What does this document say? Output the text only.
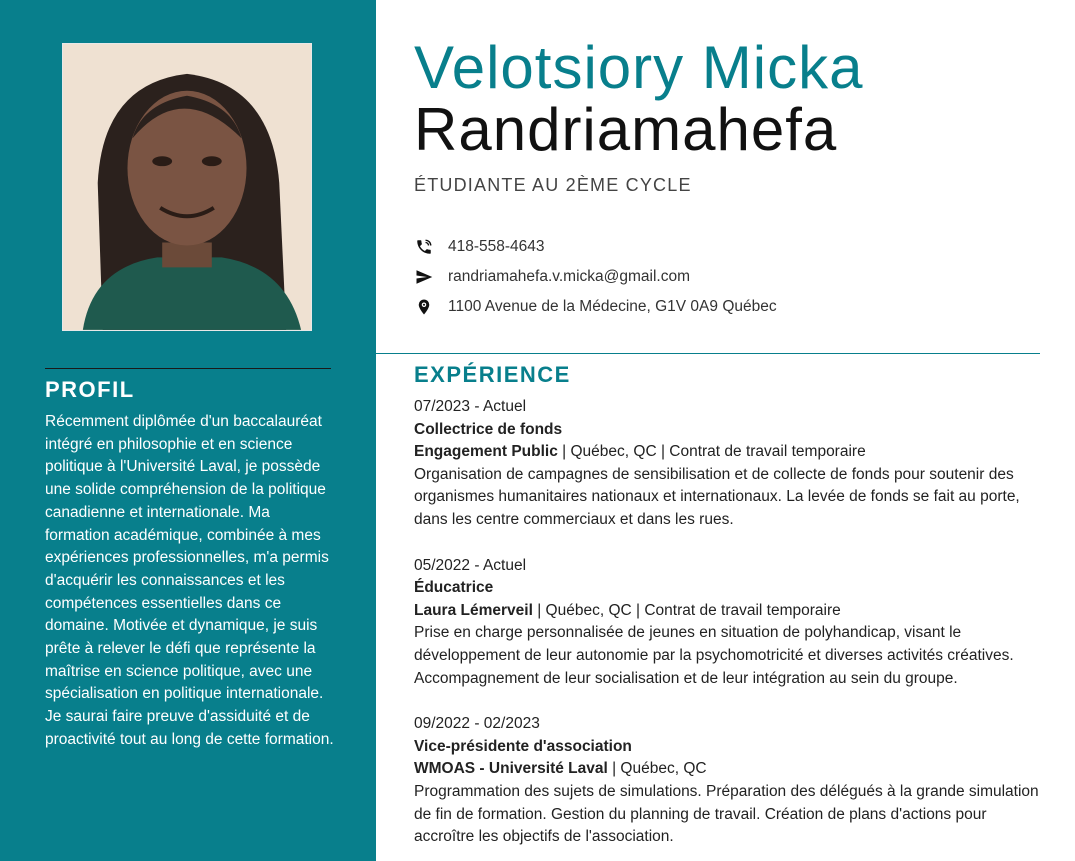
PROFIL
Récemment diplômée d'un baccalauréat intégré en philosophie et en science politique à l'Université Laval, je possède une solide compréhension de la politique canadienne et internationale. Ma formation académique, combinée à mes expériences professionnelles, m'a permis d'acquérir les connaissances et les compétences essentielles dans ce domaine. Motivée et dynamique, je suis prête à relever le défi que représente la maîtrise en science politique, avec une spécialisation en politique internationale. Je saurai faire preuve d'assiduité et de proactivité tout au long de cette formation.
Velotsiory Micka
Randriamahefa
ÉTUDIANTE AU 2ÈME CYCLE
418-558-4643
randriamahefa.v.micka@gmail.com
1100 Avenue de la Médecine, G1V 0A9 Québec
EXPÉRIENCE
07/2023 - Actuel
Collectrice de fonds
Engagement Public | Québec, QC | Contrat de travail temporaire
Organisation de campagnes de sensibilisation et de collecte de fonds pour soutenir des organismes humanitaires nationaux et internationaux. La levée de fonds se fait au porte, dans les centre commerciaux et dans les rues.
05/2022 - Actuel
Éducatrice
Laura Lémerveil | Québec, QC | Contrat de travail temporaire
Prise en charge personnalisée de jeunes en situation de polyhandicap, visant le développement de leur autonomie par la psychomotricité et diverses activités créatives. Accompagnement de leur socialisation et de leur intégration au sein du groupe.
09/2022 - 02/2023
Vice-présidente d'association
WMOAS - Université Laval | Québec, QC
Programmation des sujets de simulations. Préparation des délégués à la grande simulation de fin de formation. Gestion du planning de travail. Création de plans d'actions pour accroître les objectifs de l'association.
